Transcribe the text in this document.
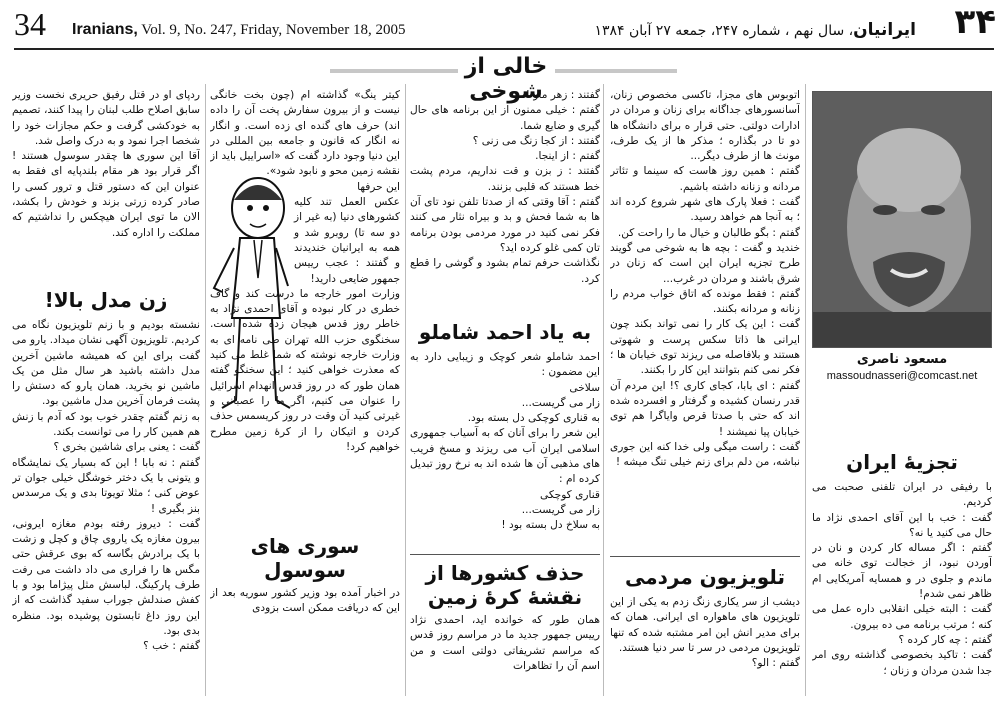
34 Iranians, Vol. 9, No. 247, Friday, November 18, 2005	ایرانیان، سال نهم ، شماره ۲۴۷، جمعه ۲۷ آبان ۱۳۸۴	۳۴
خالی از شوخی
مسعود ناصری
massoudnasseri@comcast.net
تجزیهٔ ایران

با رفیقی در ایران تلفنی صحبت می کردیم.

گفت : خب با این آقای احمدی نژاد ما حال می کنید یا نه؟

گفتم : اگر مساله کار کردن و نان در آوردن نبود، از خجالت توی خانه می ماندم و جلوی در و همسایه آمریکایی ام ظاهر نمی شدم!

گفت : البته خیلی انقلابی داره عمل می کنه ؛ مرتب برنامه می ده بیرون.

گفتم : چه کار کرده ؟

گفت : تاکید بخصوصی گذاشته روی امر جدا شدن مردان و زنان ؛

اتوبوس های مجزا، تاکسی مخصوص زنان، آسانسورهای جداگانه برای زنان و مردان در ادارات دولتی. حتی قرار ه برای دانشگاه ها دو تا در بگذاره ؛ مذکر ها از یک طرف، مونث ها از طرف دیگر...

گفتم : همین روز هاست که سینما و تئاتر مردانه و زنانه داشته باشیم.

گفت : فعلا پارک های شهر شروع کرده اند ؛ به آنجا هم خواهد رسید.

گفتم : بگو طالبان و خیال ما را راحت کن.

خندید و گفت : بچه ها به شوخی می گویند طرح تجزیه ایران این است که زنان در شرق باشند و مردان در غرب...

گفتم : فقط مونده که اتاق خواب مردم را زنانه و مردانه بکنند.

گفت : این یک کار را نمی تواند بکند چون ایرانی ها ذاتا سکس پرست و شهوتی هستند و بلافاصله می ریزند توی خیابان ها ؛ فکر نمی کنم بتوانند این کار را بکنند.

گفتم : ای بابا، کجای کاری ؟! این مردم آن قدر رنسان کشیده و گرفتار و افسرده شده اند که حتی با صدتا قرص وایاگرا هم توی خیابان پیا نمیشند !

گفت : راست میگی ولی خدا کنه این جوری نباشه، من دلم برای زنم خیلی تنگ میشه !

تلویزیون مردمی

دیشب از سر یکاری زنگ زدم به یکی از این تلویزیون های ماهواره ای ایرانی. همان که برای مدیر انش این امر مشتبه شده که تنها تلویزیون مردمی در سر تا سر دنیا هستند.

گفتم : الو؟

گفتند : زهر مار !

گفتم : خیلی ممنون از این برنامه های حال گیری و ضایع شما.

گفتند : از کجا زنگ می زنی ؟

گفتم : از اینجا.

گفتند : ز بزن و قت نداریم، مردم پشت خط هستند که قلبی بزنند.

گفتم : آقا وقتی که از صدتا تلفن نود تای آن ها به شما فحش و بد و بیراه نثار می کنند فکر نمی کنید در مورد مردمی بودن برنامه تان کمی غلو کرده اید؟

نگذاشت حرفم تمام بشود و گوشی را قطع کرد.

به یاد احمد شاملو

احمد شاملو شعر کوچک و زیبایی دارد به این مضمون :

سلاخی

زار می گریست...

به قناری کوچکی دل بسته بود.

این شعر را برای آنان که به آسیاب جمهوری اسلامی ایران آب می ریزند و مسخ فریب های مذهبی آن ها شده اند به نرخ روز تبدیل کرده ام :

قناری کوچکی

زار می گریست...

به سلاخ دل بسته بود !

حذف کشورها از نقشهٔ کرهٔ زمین

همان طور که خوانده اید، احمدی نژاد رییس جمهور جدید ما در مراسم روز قدس که مراسم تشریفاتی دولتی است و من اسم آن را تظاهرات

کیتر ینگ» گذاشته ام (چون بخت خانگی نیست و از بیرون سفارش پخت آن را داده اند) حرف های گنده ای زده است. و انگار نه انگار که قانون و جامعه بین المللی در این دنیا وجود دارد گفت که «اسراییل باید از نقشه زمین محو و نابود شود».

این حرفها

عکس العمل تند کلیه کشورهای دنیا (به غیر از دو سه تا) روبرو شد و همه به ایرانیان خندیدند و گفتند : عجب رییس جمهور ضایعی دارید!

وزارت امور خارجه ما درست کند و گاف خطری در کار نبوده و آقای احمدی نژاد به خاطر روز قدس هیجان زده شده است. سخنگوی حزب الله تهران طی نامه ای به وزارت خارجه نوشته که شما غلط می کنید که معذرت خواهی کنید ؛ این سخنگو گفته همان طور که در روز قدس انهدام اسرائیل را عنوان می کنیم، اگر ما را عصبانی و غیرتی کنید آن وقت در روز کریسمس حذف کردن و اتیکان را از کرهٔ زمین مطرح خواهیم کرد!

سوری های سوسول

در اخبار آمده بود وزیر کشور سوریه بعد از این که دریافت ممکن است بزودی

ردپای او در قتل رفیق حریری نخست وزیر سابق اصلاح طلب لبنان را پیدا کنند، تصمیم به خودکشی گرفت و حکم مجازات خود را شخصا اجرا نمود و به درک واصل شد.

آقا این سوری ها چقدر سوسول هستند ! اگر قرار بود هر مقام بلندپایه ای فقط به عنوان این که دستور قتل و ترور کسی را صادر کرده زرتی بزند و خودش را بکشد، الان ما توی ایران هیچکس را نداشتیم که مملکت را اداره کند.

زن مدل بالا!

نشسته بودیم و با زنم تلویزیون نگاه می کردیم. تلویزیون آگهی نشان میداد. یارو می گفت برای این که همیشه ماشین آخرین مدل داشته باشید هر سال مثل من یک ماشین نو بخرید. همان یارو که دستش را پشت فرمان آخرین مدل ماشین بود.

به زنم گفتم چقدر خوب بود که آدم با زنش هم همین کار را می توانست بکند.

گفت : یعنی برای شاشین بخری ؟

گفتم : نه بابا ! این که بسیار یک نمایشگاه و یتونی با یک دختر خوشگل خیلی جوان تر عوض کنی ؛ مثلا تویوتا بدی و یک مرسدس بنز بگیری !

گفت : دیروز رفته بودم مغازه ایرونی، بیرون مغازه یک یاروی چاق و کچل و زشت با یک برادرش بگاسه که بوی عرقش حتی مگس ها را فراری می داد داشت می رفت طرف پارکینگ. لباسش مثل پیژاما بود و با کفش صندلش جوراب سفید گذاشت که از این روز داغ تابستون پوشیده بود. منظره بدی بود.

گفتم : خب ؟
